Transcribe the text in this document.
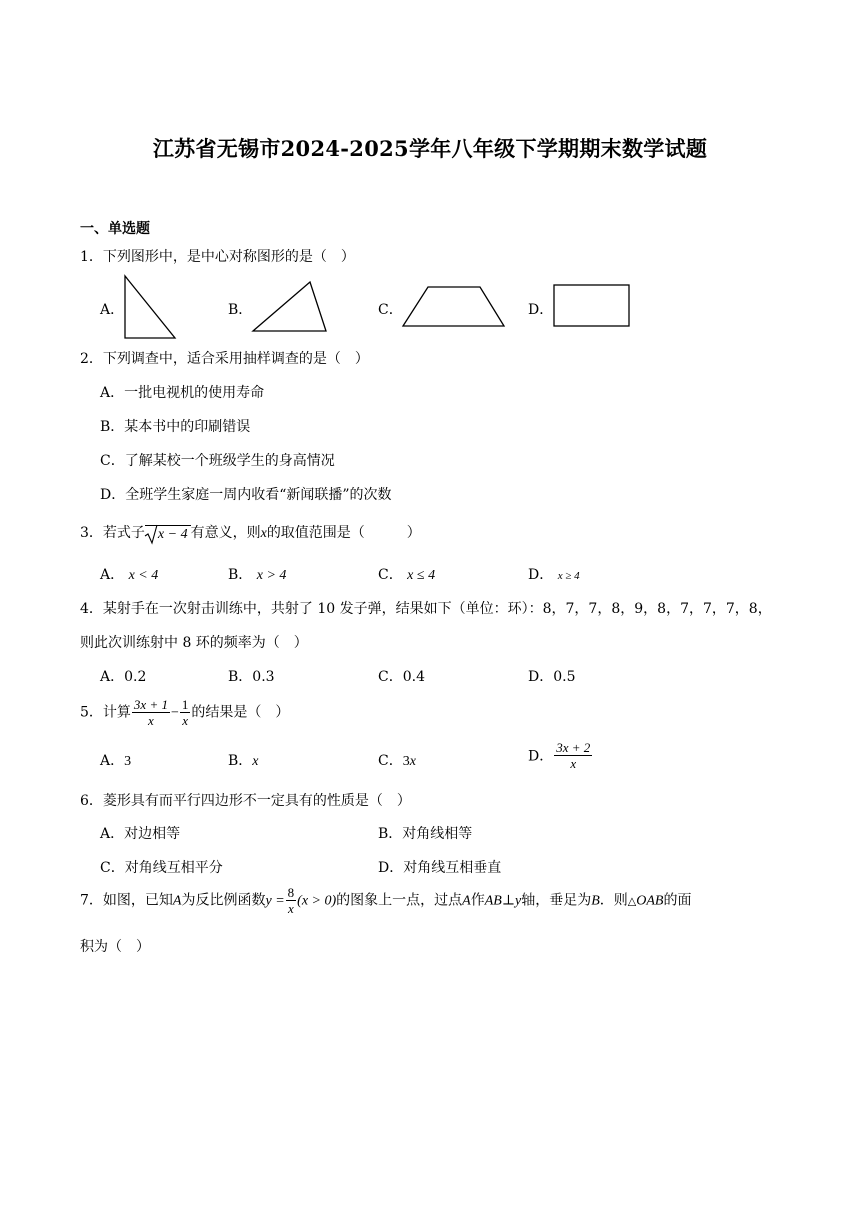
江苏省无锡市2024-2025学年八年级下学期期末数学试题
一、单选题
1．下列图形中，是中心对称图形的是（　）
A．	B．	C．	D．
2．下列调查中，适合采用抽样调查的是（　）
A．一批电视机的使用寿命
B．某本书中的印刷错误
C．了解某校一个班级学生的身高情况
D．全班学生家庭一周内收看“新闻联播”的次数
3．若式子 x − 4 有意义，则x的取值范围是（　　　）
A． x < 4	B． x > 4	C． x ≤ 4	D． x ≥ 4
4．某射手在一次射击训练中，共射了 10 发子弹，结果如下（单位：环）：8，7，7，8，9，8，7，7，7，8，
则此次训练射中 8 环的频率为（　）
A．0.2	B．0.3	C．0.4	D．0.5
5．计算 $\frac{3x + 1}{x} - \frac{1}{x}$ 的结果是（　）
A．3	B．x	C．3x	D． $\frac{3x + 2}{x}$
6．菱形具有而平行四边形不一定具有的性质是（　）
A．对边相等	B．对角线相等
C．对角线互相平分	D．对角线互相垂直
7．如图，已知A为反比例函数$y = \frac{8}{x} (x > 0)$的图象上一点，过点A作AB⊥y轴，垂足为B．则△OAB的面
积为（　）
